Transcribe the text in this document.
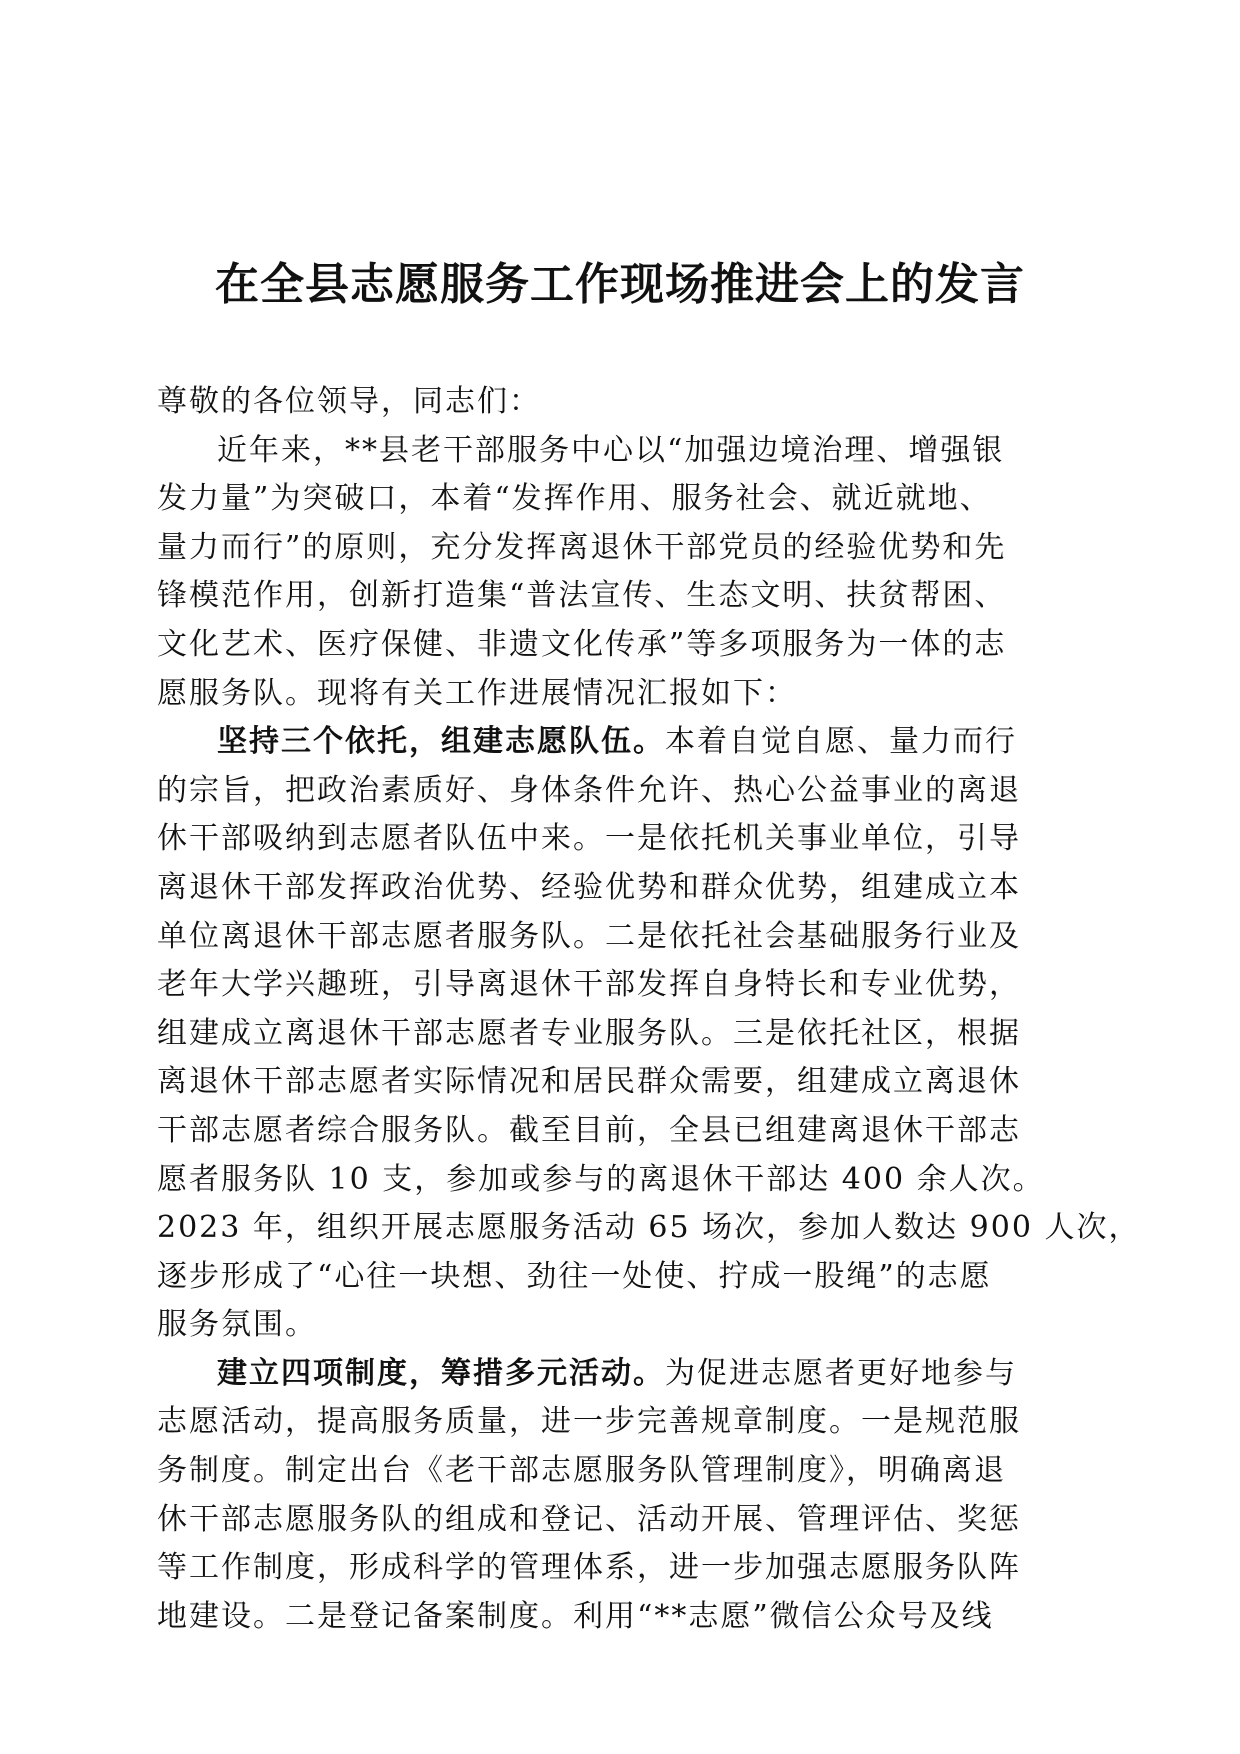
在全县志愿服务工作现场推进会上的发言
尊敬的各位领导，同志们：
近年来，**县老干部服务中心以“加强边境治理、增强银
发力量”为突破口，本着“发挥作用、服务社会、就近就地、
量力而行”的原则，充分发挥离退休干部党员的经验优势和先
锋模范作用，创新打造集“普法宣传、生态文明、扶贫帮困、
文化艺术、医疗保健、非遗文化传承”等多项服务为一体的志
愿服务队。现将有关工作进展情况汇报如下：
坚持三个依托，组建志愿队伍。本着自觉自愿、量力而行
的宗旨，把政治素质好、身体条件允许、热心公益事业的离退
休干部吸纳到志愿者队伍中来。一是依托机关事业单位，引导
离退休干部发挥政治优势、经验优势和群众优势，组建成立本
单位离退休干部志愿者服务队。二是依托社会基础服务行业及
老年大学兴趣班，引导离退休干部发挥自身特长和专业优势，
组建成立离退休干部志愿者专业服务队。三是依托社区，根据
离退休干部志愿者实际情况和居民群众需要，组建成立离退休
干部志愿者综合服务队。截至目前，全县已组建离退休干部志
愿者服务队 10 支，参加或参与的离退休干部达 400 余人次。
2023 年，组织开展志愿服务活动 65 场次，参加人数达 900 人次，
逐步形成了“心往一块想、劲往一处使、拧成一股绳”的志愿
服务氛围。
建立四项制度，筹措多元活动。为促进志愿者更好地参与
志愿活动，提高服务质量，进一步完善规章制度。一是规范服
务制度。制定出台《老干部志愿服务队管理制度》，明确离退
休干部志愿服务队的组成和登记、活动开展、管理评估、奖惩
等工作制度，形成科学的管理体系，进一步加强志愿服务队阵
地建设。二是登记备案制度。利用“**志愿”微信公众号及线
